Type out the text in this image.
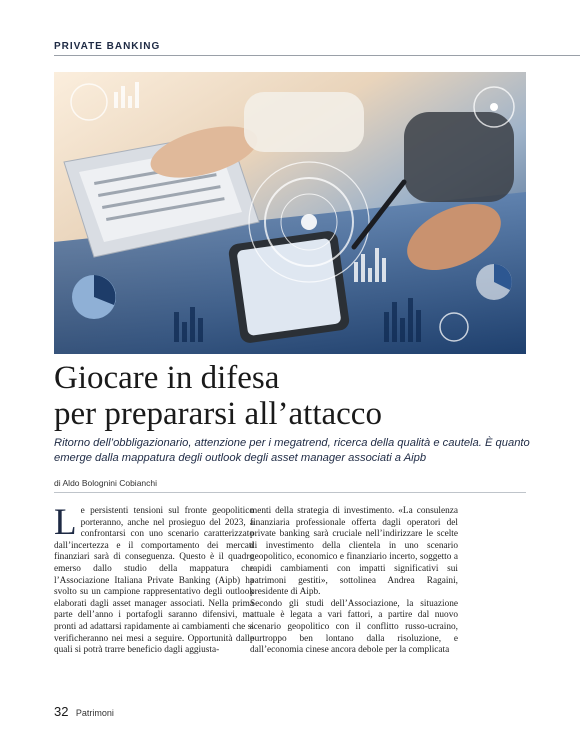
PRIVATE BANKING
Giocare in difesa
per prepararsi all’attacco

Ritorno dell’obbligazionario, attenzione per i megatrend, ricerca della qualità e cautela. È quanto emerge dalla mappatura degli outlook degli asset manager associati a Aipb

di Aldo Bolognini Cobianchi

Le persistenti tensioni sul fronte geopolitico porteranno, anche nel prosieguo del 2023, a confrontarsi con uno scenario caratterizzato dall’incertezza e il comportamento dei mercati finanziari sarà di conseguenza. Questo è il quadro emerso dallo studio della mappatura che l’Associazione Italiana Private Banking (Aipb) ha svolto su un campione rappresentativo degli outlook elaborati dagli asset manager associati. Nella prima parte dell’anno i portafogli saranno difensivi, ma pronti ad adattarsi rapidamente ai cambiamenti che si verificheranno nei mesi a seguire. Opportunità dalle quali si potrà trarre beneficio dagli aggiusta-

menti della strategia di investimento. «La consulenza finanziaria professionale offerta dagli operatori del private banking sarà cruciale nell’indirizzare le scelte di investimento della clientela in uno scenario geopolitico, economico e finanziario incerto, soggetto a rapidi cambiamenti con impatti significativi sui patrimoni gestiti», sottolinea Andrea Ragaini, presidente di Aipb.

Secondo gli studi dell’Associazione, la situazione attuale è legata a vari fattori, a partire dal nuovo scenario geopolitico con il conflitto russo-ucraino, purtroppo ben lontano dalla risoluzione, e dall’economia cinese ancora debole per la complicata

32 Patrimoni
